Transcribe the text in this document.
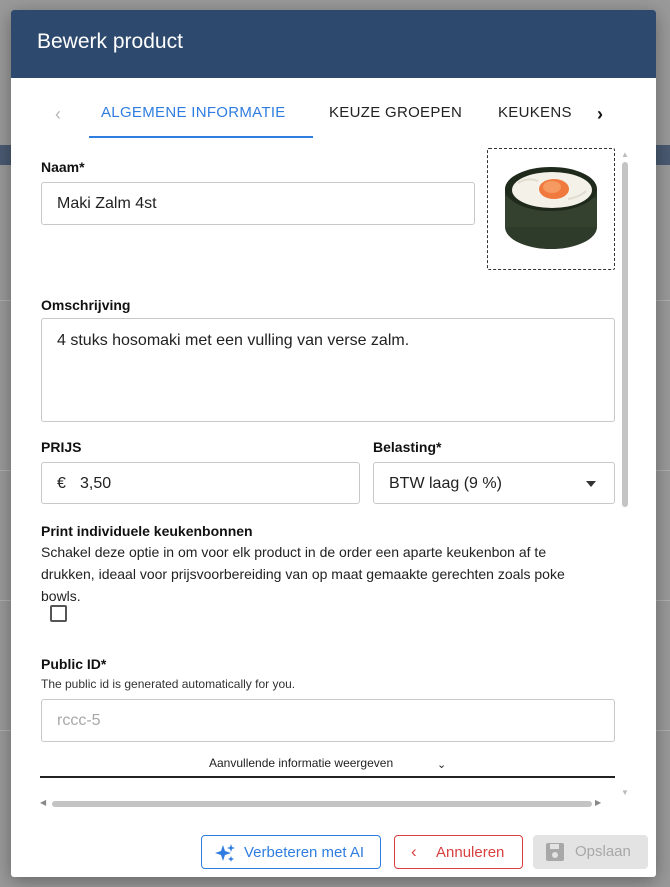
Bewerk product
‹	ALGEMENE INFORMATIE	KEUZE GROEPEN KEUKENS ›
Naam*
Maki Zalm 4st
Omschrijving
4 stuks hosomaki met een vulling van verse zalm.
PRIJS
€ 3,50
Belasting*
BTW laag (9 %)
Print individuele keukenbonnen
Schakel deze optie in om voor elk product in de order een aparte keukenbon af te
drukken, ideaal voor prijsvoorbereiding van op maat gemaakte gerechten zoals poke
bowls.
Public ID*
The public id is generated automatically for you.
rccc-5
Aanvullende informatie weergeven	⌄
▲
▼
◀	▶
Verbeteren met AI	‹ Annuleren	Opslaan
